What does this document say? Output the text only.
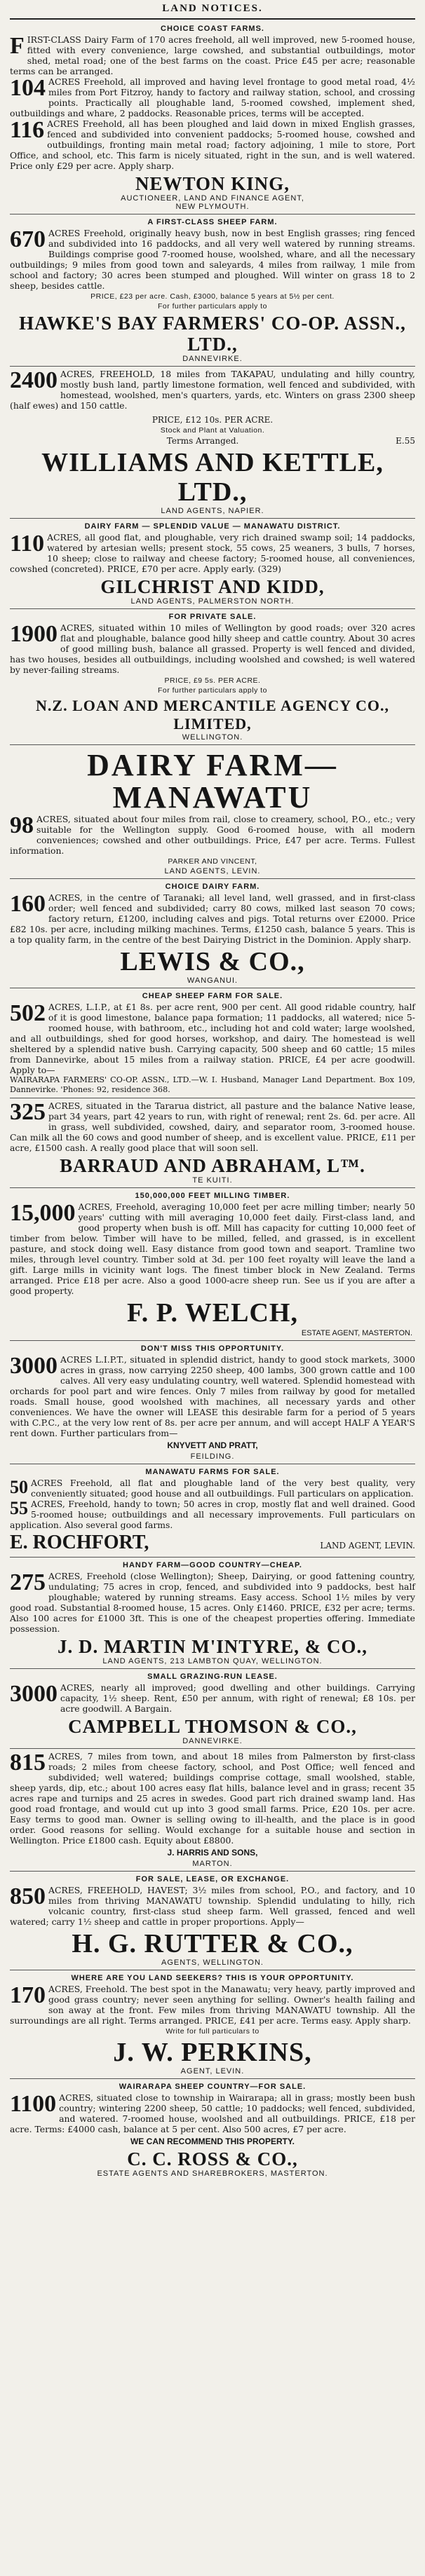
LAND NOTICES.
CHOICE COAST FARMS.

FIRST-CLASS Dairy Farm of 170 acres freehold, all well improved, new 5-roomed house, fitted with every convenience, large cowshed, and substantial outbuildings, motor shed, metal road; one of the best farms on the coast. Price £45 per acre; reasonable terms can be arranged.

104 ACRES Freehold, all improved and having level frontage to good metal road, 4½ miles from Port Fitzroy, handy to factory and railway station, school, and crossing points. Practically all ploughable land, 5-roomed cowshed, implement shed, outbuildings and whare, 2 paddocks. Reasonable prices, terms will be accepted.

116 ACRES Freehold, all has been ploughed and laid down in mixed English grasses, fenced and subdivided into convenient paddocks; 5-roomed house, cowshed and outbuildings, fronting main metal road; factory adjoining, 1 mile to store, Port Office, and school, etc. This farm is nicely situated, right in the sun, and is well watered. Price only £29 per acre. Apply sharp.

NEWTON KING,
AUCTIONEER, LAND AND FINANCE AGENT,
NEW PLYMOUTH.
A FIRST-CLASS SHEEP FARM.

670 ACRES Freehold, originally heavy bush, now in best English grasses; ring fenced and subdivided into 16 paddocks, and all very well watered by running streams. Buildings comprise good 7-roomed house, woolshed, whare, and all the necessary outbuildings; 9 miles from good town and saleyards, 4 miles from railway, 1 mile from school and factory; 30 acres been stumped and ploughed. Will winter on grass 18 to 2 sheep, besides cattle.

PRICE, £23 per acre. Cash, £3000, balance 5 years at 5½ per cent.
For further particulars apply to
HAWKE'S BAY FARMERS' CO-OP. ASSN., LTD.,
DANNEVIRKE.

2400 ACRES, FREEHOLD, 18 miles from TAKAPAU, undulating and hilly country, mostly bush land, partly limestone formation, well fenced and subdivided, with homestead, woolshed, men's quarters, yards, etc. Winters on grass 2300 sheep (half ewes) and 150 cattle.

PRICE, £12 10s. PER ACRE.
Stock and Plant at Valuation.
Terms Arranged.	E.55
WILLIAMS AND KETTLE, LTD.,
LAND AGENTS, NAPIER.
DAIRY FARM — SPLENDID VALUE — MANAWATU DISTRICT.

110 ACRES, all good flat, and ploughable, very rich drained swamp soil; 14 paddocks, watered by artesian wells; present stock, 55 cows, 25 weaners, 3 bulls, 7 horses, 10 sheep; close to railway and cheese factory; 5-roomed house, all conveniences, cowshed (concreted). PRICE, £70 per acre. Apply early. (329)

GILCHRIST AND KIDD,
LAND AGENTS, PALMERSTON NORTH.
FOR PRIVATE SALE.

1900 ACRES, situated within 10 miles of Wellington by good roads; over 320 acres flat and ploughable, balance good hilly sheep and cattle country. About 30 acres of good milling bush, balance all grassed. Property is well fenced and divided, has two houses, besides all outbuildings, including woolshed and cowshed; is well watered by never-failing streams.

PRICE, £9 5s. PER ACRE.
For further particulars apply to
N.Z. LOAN AND MERCANTILE AGENCY CO., LIMITED,
WELLINGTON.
DAIRY FARM—MANAWATU

98 ACRES, situated about four miles from rail, close to creamery, school, P.O., etc.; very suitable for the Wellington supply. Good 6-roomed house, with all modern conveniences; cowshed and other outbuildings. Price, £47 per acre. Terms. Fullest information.

PARKER AND VINCENT,
LAND AGENTS, LEVIN.
CHOICE DAIRY FARM.

160 ACRES, in the centre of Taranaki; all level land, well grassed, and in first-class order; well fenced and subdivided; carry 80 cows, milked last season 70 cows; factory return, £1200, including calves and pigs. Total returns over £2000. Price £82 10s. per acre, including milking machines. Terms, £1250 cash, balance 5 years. This is a top quality farm, in the centre of the best Dairying District in the Dominion. Apply sharp.

LEWIS & CO.,
WANGANUI.
CHEAP SHEEP FARM FOR SALE.

502 ACRES, L.I.P., at £1 8s. per acre rent, 900 per cent. All good ridable country, half of it is good limestone, balance papa formation; 11 paddocks, all watered; nice 5-roomed house, with bathroom, etc., including hot and cold water; large woolshed, and all outbuildings, shed for good horses, workshop, and dairy. The homestead is well sheltered by a splendid native bush. Carrying capacity, 500 sheep and 60 cattle; 15 miles from Dannevirke, about 15 miles from a railway station. PRICE, £4 per acre goodwill. Apply to—

WAIRARAPA FARMERS' CO-OP. ASSN., LTD.—W. I. Husband, Manager Land Department. Box 109, Dannevirke. 'Phones: 92, residence 368.

325 ACRES, situated in the Tararua district, all pasture and the balance Native lease, part 34 years, part 42 years to run, with right of renewal; rent 2s. 6d. per acre. All in grass, well subdivided, cowshed, dairy, and separator room, 3-roomed house. Can milk all the 60 cows and good number of sheep, and is excellent value. PRICE, £11 per acre, £1500 cash. A really good place that will soon sell.

BARRAUD AND ABRAHAM, L™.
TE KUITI.
150,000,000 FEET MILLING TIMBER.

15,000 ACRES, Freehold, averaging 10,000 feet per acre milling timber; nearly 50 years' cutting with mill averaging 10,000 feet daily. First-class land, and good property when bush is off. Mill has capacity for cutting 10,000 feet of timber from below. Timber will have to be milled, felled, and grassed, is in excellent pasture, and stock doing well. Easy distance from good town and seaport. Tramline two miles, through level country. Timber sold at 3d. per 100 feet royalty will leave the land a gift. Large mills in vicinity want logs. The finest timber block in New Zealand. Terms arranged. Price £18 per acre. Also a good 1000-acre sheep run. See us if you are after a good property.

F. P. WELCH,
ESTATE AGENT, MASTERTON.
DON'T MISS THIS OPPORTUNITY.

3000 ACRES L.I.P.T., situated in splendid district, handy to good stock markets, 3000 acres in grass, now carrying 2250 sheep, 400 lambs, 300 grown cattle and 100 calves. All very easy undulating country, well watered. Splendid homestead with orchards for pool part and wire fences. Only 7 miles from railway by good for metalled roads. Small house, good woolshed with machines, all necessary yards and other conveniences. We have the owner will LEASE this desirable farm for a period of 5 years with C.P.C., at the very low rent of 8s. per acre per annum, and will accept HALF A YEAR'S rent down. Further particulars from—

KNYVETT AND PRATT,
FEILDING.
MANAWATU FARMS FOR SALE.

50 ACRES Freehold, all flat and ploughable land of the very best quality, very conveniently situated; good house and all outbuildings. Full particulars on application.

55 ACRES, Freehold, handy to town; 50 acres in crop, mostly flat and well drained. Good 5-roomed house; outbuildings and all necessary improvements. Full particulars on application. Also several good farms.

E. ROCHFORT,	LAND AGENT, LEVIN.
HANDY FARM—GOOD COUNTRY—CHEAP.

275 ACRES, Freehold (close Wellington); Sheep, Dairying, or good fattening country, undulating; 75 acres in crop, fenced, and subdivided into 9 paddocks, best half ploughable; watered by running streams. Easy access. School 1½ miles by very good road. Substantial 8-roomed house, 15 acres. Only £1460. PRICE, £32 per acre; terms. Also 100 acres for £1000 3ft. This is one of the cheapest properties offering. Immediate possession.

J. D. MARTIN M'INTYRE, & CO.,
LAND AGENTS, 213 LAMBTON QUAY, WELLINGTON.
SMALL GRAZING-RUN LEASE.

3000 ACRES, nearly all improved; good dwelling and other buildings. Carrying capacity, 1½ sheep. Rent, £50 per annum, with right of renewal; £8 10s. per acre goodwill. A Bargain.

CAMPBELL THOMSON & CO.,
DANNEVIRKE.

815 ACRES, 7 miles from town, and about 18 miles from Palmerston by first-class roads; 2 miles from cheese factory, school, and Post Office; well fenced and subdivided; well watered; buildings comprise cottage, small woolshed, stable, sheep yards, dip, etc.; about 100 acres easy flat hills, balance level and in grass; recent 35 acres rape and turnips and 25 acres in swedes. Good part rich drained swamp land. Has good road frontage, and would cut up into 3 good small farms. Price, £20 10s. per acre. Easy terms to good man. Owner is selling owing to ill-health, and the place is in good order. Good reasons for selling. Would exchange for a suitable house and section in Wellington. Price £1800 cash. Equity about £8800.

J. HARRIS AND SONS,
MARTON.
FOR SALE, LEASE, OR EXCHANGE.

850 ACRES, FREEHOLD, HAVEST; 3½ miles from school, P.O., and factory, and 10 miles from thriving MANAWATU township. Splendid undulating to hilly, rich volcanic country, first-class stud sheep farm. Well grassed, fenced and well watered; carry 1½ sheep and cattle in proper proportions. Apply—

H. G. RUTTER & CO.,
AGENTS, WELLINGTON.
WHERE ARE YOU LAND SEEKERS? THIS IS YOUR OPPORTUNITY.

170 ACRES, Freehold. The best spot in the Manawatu; very heavy, partly improved and good grass country; never seen anything for selling. Owner's health failing and son away at the front. Few miles from thriving MANAWATU township. All the surroundings are all right. Terms arranged. PRICE, £41 per acre. Terms easy. Apply sharp.

Write for full particulars to
J. W. PERKINS,
AGENT, LEVIN.
WAIRARAPA SHEEP COUNTRY—FOR SALE.

1100 ACRES, situated close to township in Wairarapa; all in grass; mostly been bush country; wintering 2200 sheep, 50 cattle; 10 paddocks; well fenced, subdivided, and watered. 7-roomed house, woolshed and all outbuildings. PRICE, £18 per acre. Terms: £4000 cash, balance at 5 per cent. Also 500 acres, £7 per acre.

WE CAN RECOMMEND THIS PROPERTY.
C. C. ROSS & CO.,
ESTATE AGENTS AND SHAREBROKERS, MASTERTON.
